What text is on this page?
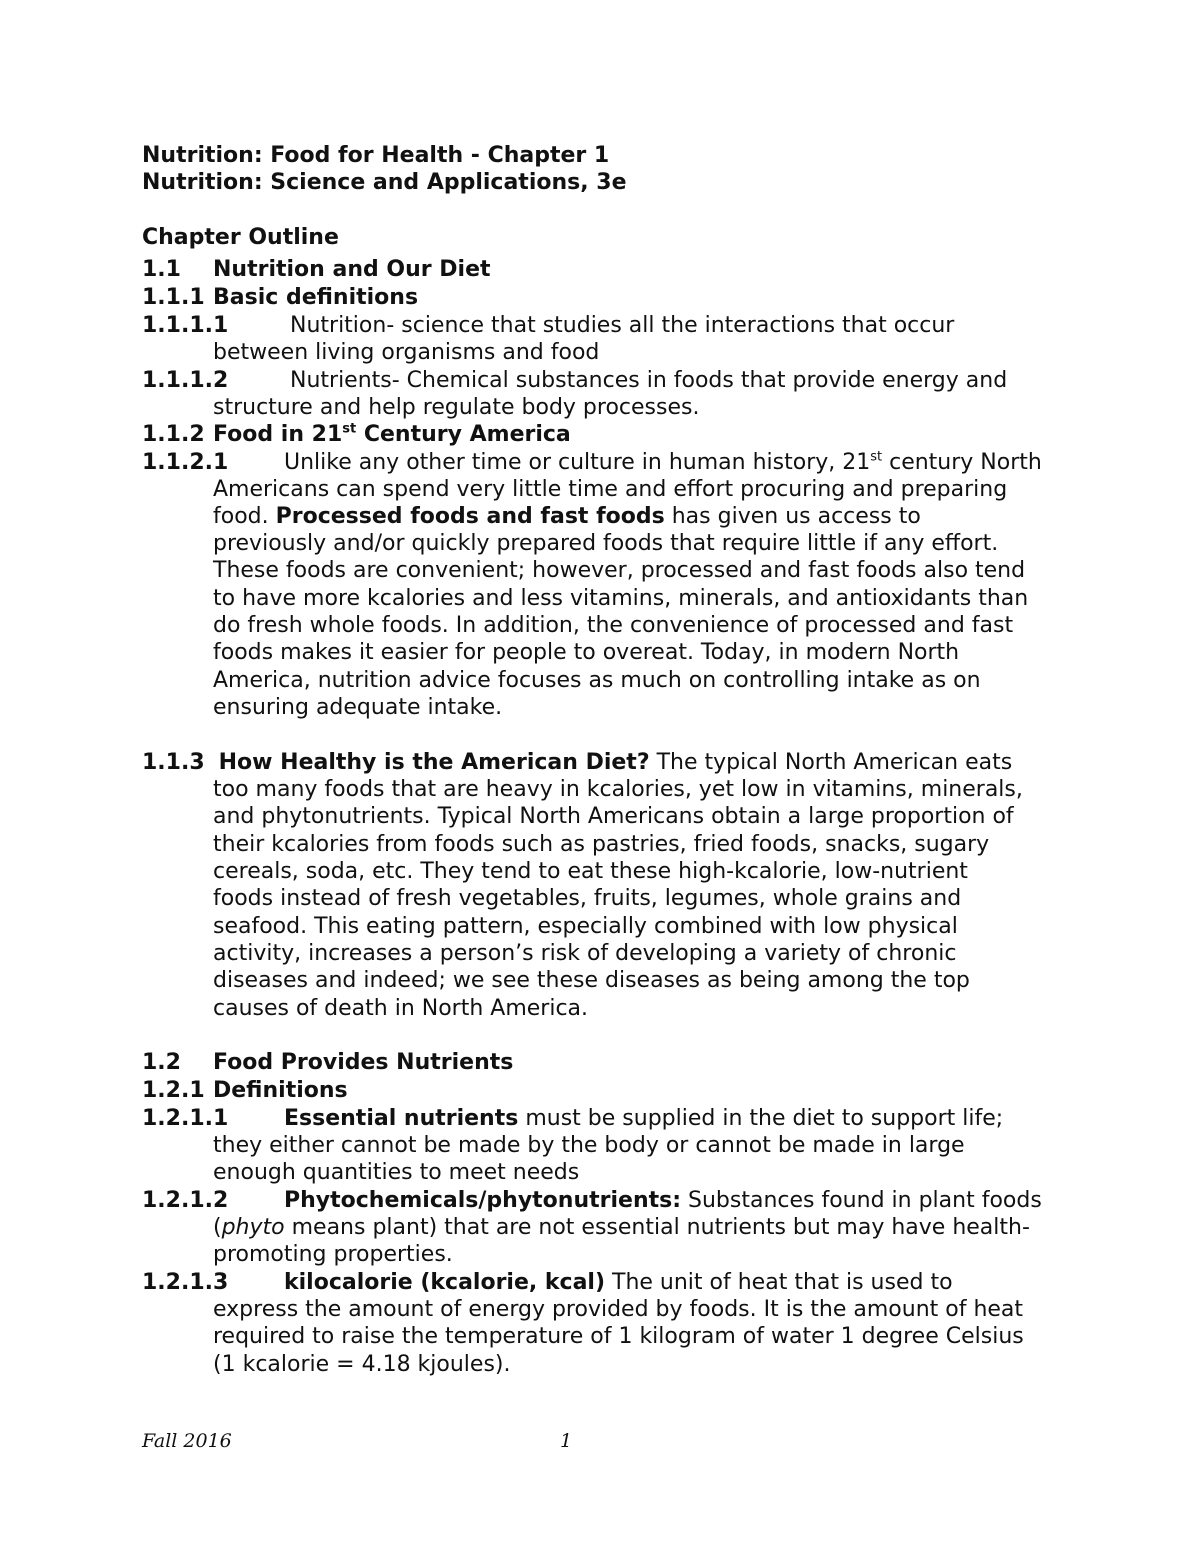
Nutrition: Food for Health - Chapter 1
Nutrition: Science and Applications, 3e
Chapter Outline
1.1 Nutrition and Our Diet
1.1.1 Basic definitions
1.1.1.1	Nutrition- science that studies all the interactions that occur
between living organisms and food
1.1.1.2	Nutrients- Chemical substances in foods that provide energy and
structure and help regulate body processes.
1.1.2 Food in 21st Century America
1.1.2.1	Unlike any other time or culture in human history, 21st century North
Americans can spend very little time and effort procuring and preparing
food. Processed foods and fast foods has given us access to
previously and/or quickly prepared foods that require little if any effort.
These foods are convenient; however, processed and fast foods also tend
to have more kcalories and less vitamins, minerals, and antioxidants than
do fresh whole foods. In addition, the convenience of processed and fast
foods makes it easier for people to overeat. Today, in modern North
America, nutrition advice focuses as much on controlling intake as on
ensuring adequate intake.
1.1.3 How Healthy is the American Diet? The typical North American eats
too many foods that are heavy in kcalories, yet low in vitamins, minerals,
and phytonutrients. Typical North Americans obtain a large proportion of
their kcalories from foods such as pastries, fried foods, snacks, sugary
cereals, soda, etc. They tend to eat these high-kcalorie, low-nutrient
foods instead of fresh vegetables, fruits, legumes, whole grains and
seafood. This eating pattern, especially combined with low physical
activity, increases a person’s risk of developing a variety of chronic
diseases and indeed; we see these diseases as being among the top
causes of death in North America.
1.2 Food Provides Nutrients
1.2.1 Definitions
1.2.1.1	Essential nutrients must be supplied in the diet to support life;
they either cannot be made by the body or cannot be made in large
enough quantities to meet needs
1.2.1.2	Phytochemicals/phytonutrients: Substances found in plant foods
(phyto means plant) that are not essential nutrients but may have health-
promoting properties.
1.2.1.3	kilocalorie (kcalorie, kcal) The unit of heat that is used to
express the amount of energy provided by foods. It is the amount of heat
required to raise the temperature of 1 kilogram of water 1 degree Celsius
(1 kcalorie = 4.18 kjoules).
Fall 2016	1
